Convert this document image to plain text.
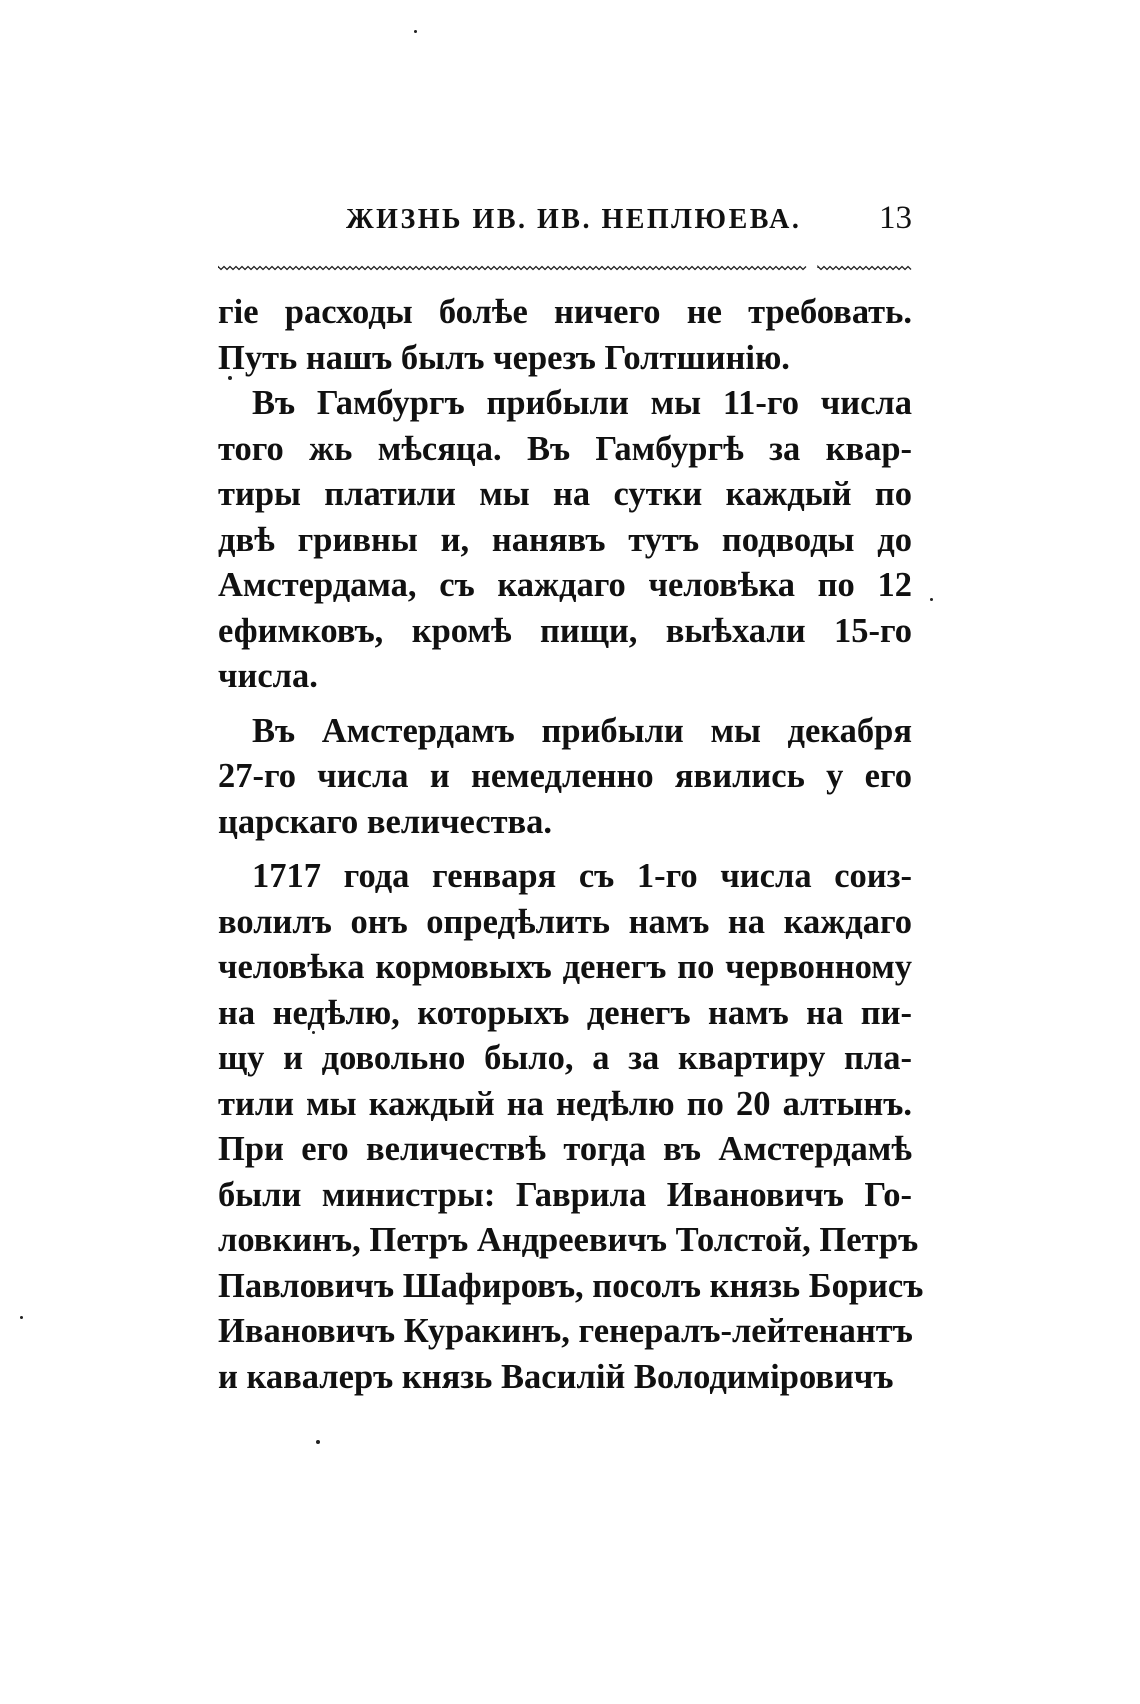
ЖИЗНЬ ИВ. ИВ. НЕПЛЮЕВА. 13
гіе расходы болѣе ничего не требовать.
Путь нашъ былъ черезъ Голтшинію.
Въ Гамбургъ прибыли мы 11-го числа
того жь мѣсяца. Въ Гамбургѣ за квар-
тиры платили мы на сутки каждый по
двѣ гривны и, нанявъ тутъ подводы до
Амстердама, съ каждаго человѣка по 12
ефимковъ, кромѣ пищи, выѣхали 15-го
числа.
Въ Амстердамъ прибыли мы декабря
27-го числа и немедленно явились у его
царскаго величества.
1717 года генваря съ 1-го числа соиз-
волилъ онъ опредѣлить намъ на каждаго
человѣка кормовыхъ денегъ по червонному
на недѣлю, которыхъ денегъ намъ на пи-
щу и довольно было, а за квартиру пла-
тили мы каждый на недѣлю по 20 алтынъ.
При его величествѣ тогда въ Амстердамѣ
были министры: Гаврила Ивановичъ Го-
ловкинъ, Петръ Андреевичъ Толстой, Петръ
Павловичъ Шафировъ, посолъ князь Борисъ
Ивановичъ Куракинъ, генералъ-лейтенантъ
и кавалеръ князь Василій Володиміровичъ
